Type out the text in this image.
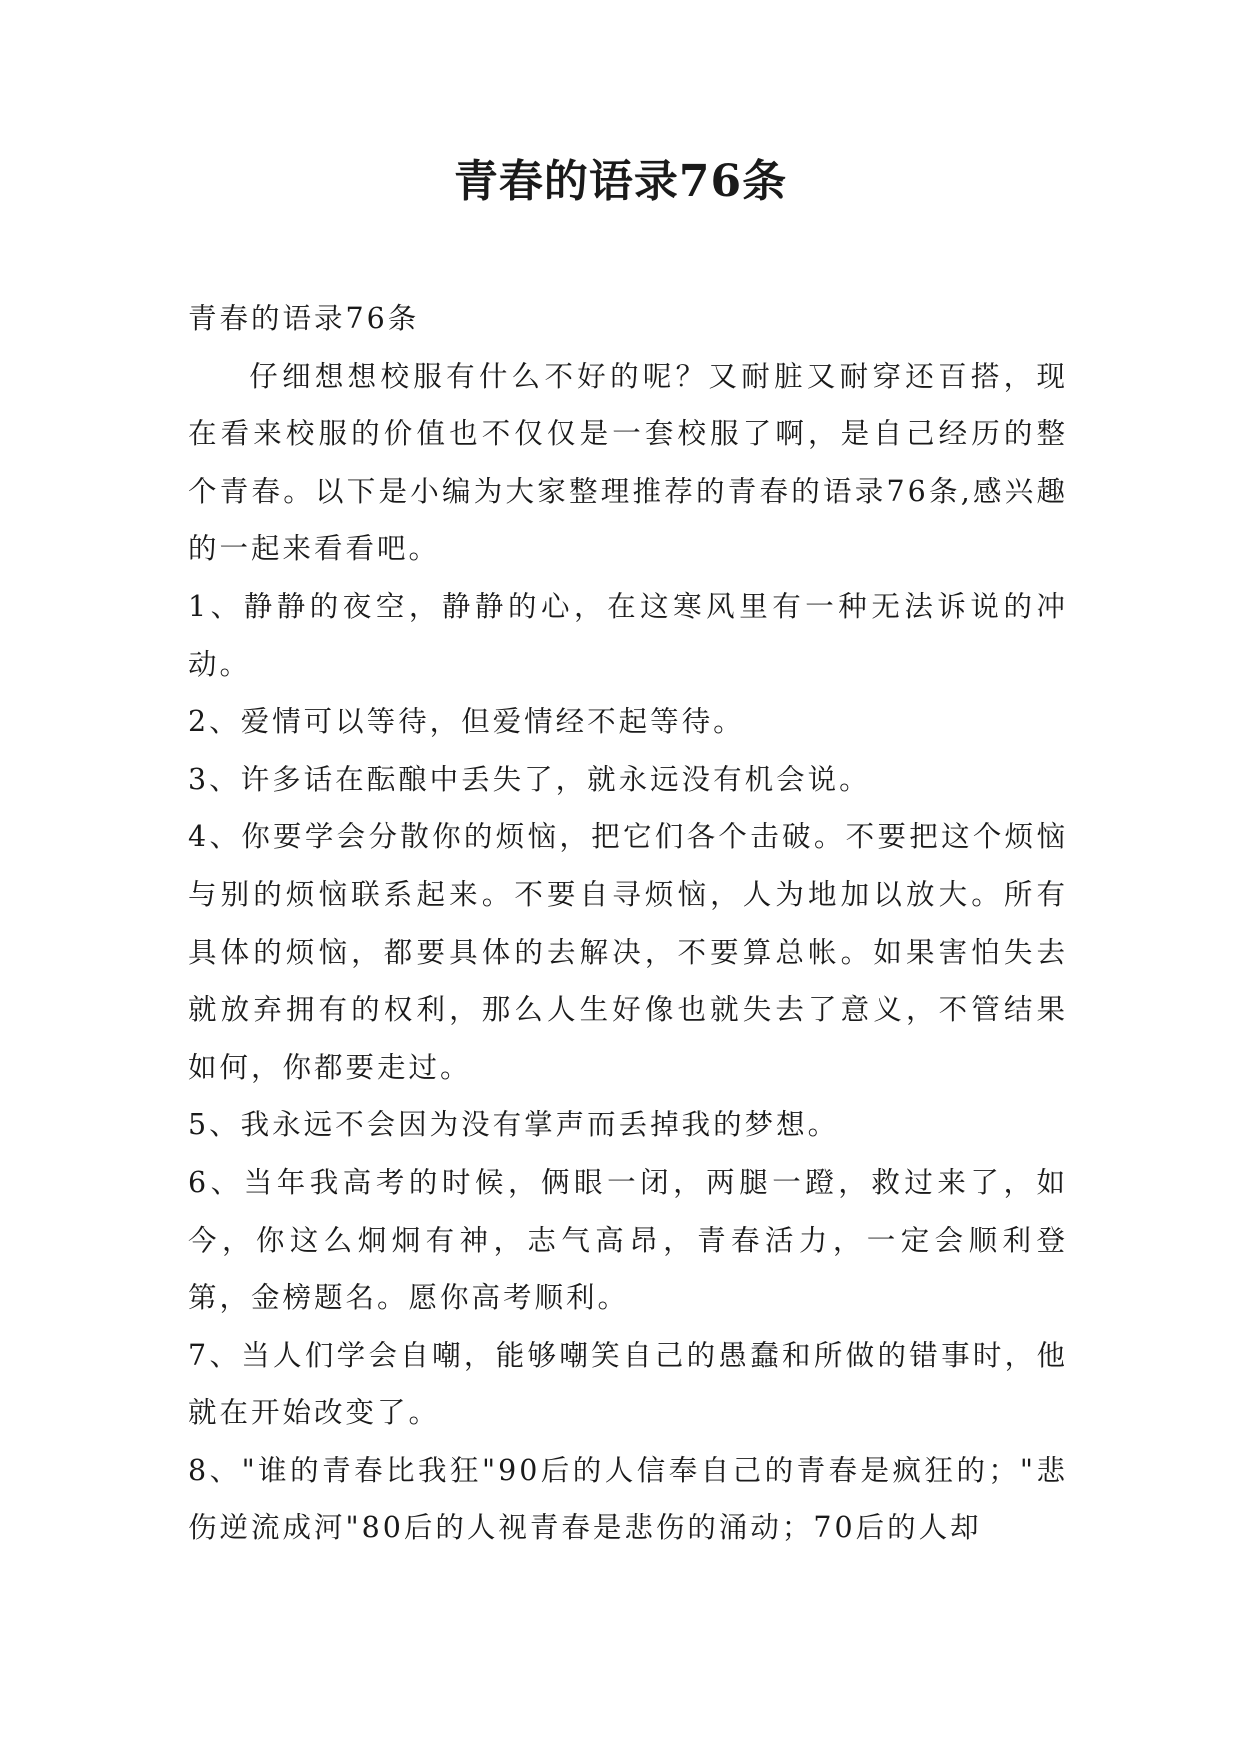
青春的语录76条

青春的语录76条

仔细想想校服有什么不好的呢？又耐脏又耐穿还百搭，现在看来校服的价值也不仅仅是一套校服了啊，是自己经历的整个青春。以下是小编为大家整理推荐的青春的语录76条,感兴趣的一起来看看吧。

1、静静的夜空，静静的心，在这寒风里有一种无法诉说的冲动。

2、爱情可以等待，但爱情经不起等待。

3、许多话在酝酿中丢失了，就永远没有机会说。

4、你要学会分散你的烦恼，把它们各个击破。不要把这个烦恼与别的烦恼联系起来。不要自寻烦恼，人为地加以放大。所有具体的烦恼，都要具体的去解决，不要算总帐。如果害怕失去就放弃拥有的权利，那么人生好像也就失去了意义，不管结果如何，你都要走过。

5、我永远不会因为没有掌声而丢掉我的梦想。

6、当年我高考的时候，俩眼一闭，两腿一蹬，救过来了，如今，你这么炯炯有神，志气高昂，青春活力，一定会顺利登第，金榜题名。愿你高考顺利。

7、当人们学会自嘲，能够嘲笑自己的愚蠢和所做的错事时，他就在开始改变了。

8、"谁的青春比我狂"90后的人信奉自己的青春是疯狂的；"悲伤逆流成河"80后的人视青春是悲伤的涌动；70后的人却
